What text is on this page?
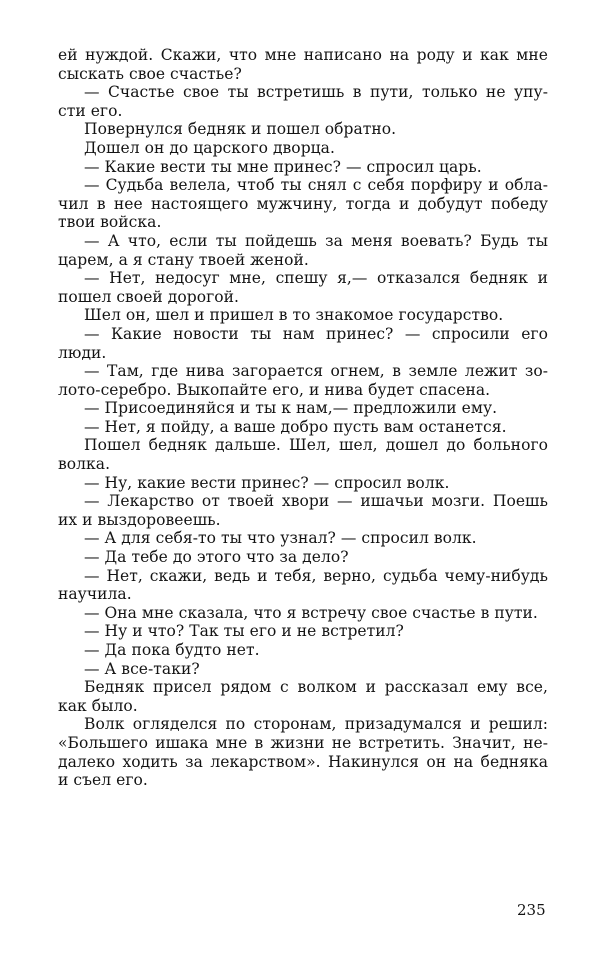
ей нуждой. Скажи, что мне написано на роду и как мне
сыскать свое счастье?
— Счастье свое ты встретишь в пути, только не упу-
сти его.
Повернулся бедняк и пошел обратно.
Дошел он до царского дворца.
— Какие вести ты мне принес? — спросил царь.
— Судьба велела, чтоб ты снял с себя порфиру и обла-
чил в нее настоящего мужчину, тогда и добудут победу
твои войска.
— А что, если ты пойдешь за меня воевать? Будь ты
царем, а я стану твоей женой.
— Нет, недосуг мне, спешу я,— отказался бедняк и
пошел своей дорогой.
Шел он, шел и пришел в то знакомое государство.
— Какие новости ты нам принес? — спросили его
люди.
— Там, где нива загорается огнем, в земле лежит зо-
лото-серебро. Выкопайте его, и нива будет спасена.
— Присоединяйся и ты к нам,— предложили ему.
— Нет, я пойду, а ваше добро пусть вам останется.
Пошел бедняк дальше. Шел, шел, дошел до больного
волка.
— Ну, какие вести принес? — спросил волк.
— Лекарство от твоей хвори — ишачьи мозги. Поешь
их и выздоровеешь.
— А для себя-то ты что узнал? — спросил волк.
— Да тебе до этого что за дело?
— Нет, скажи, ведь и тебя, верно, судьба чему-нибудь
научила.
— Она мне сказала, что я встречу свое счастье в пути.
— Ну и что? Так ты его и не встретил?
— Да пока будто нет.
— А все-таки?
Бедняк присел рядом с волком и рассказал ему все,
как было.
Волк огляделся по сторонам, призадумался и решил:
«Большего ишака мне в жизни не встретить. Значит, не-
далеко ходить за лекарством». Накинулся он на бедняка
и съел его.
235
